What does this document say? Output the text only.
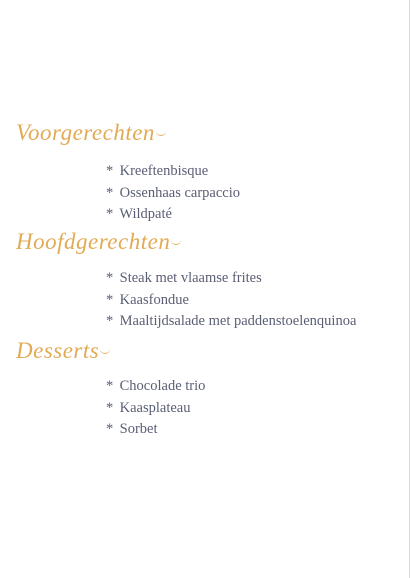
Voorgerechten
* Kreeftenbisque
* Ossenhaas carpaccio
* Wildpaté
Hoofdgerechten
* Steak met vlaamse frites
* Kaasfondue
* Maaltijdsalade met paddenstoelenquinoa
Desserts
* Chocolade trio
* Kaasplateau
* Sorbet
